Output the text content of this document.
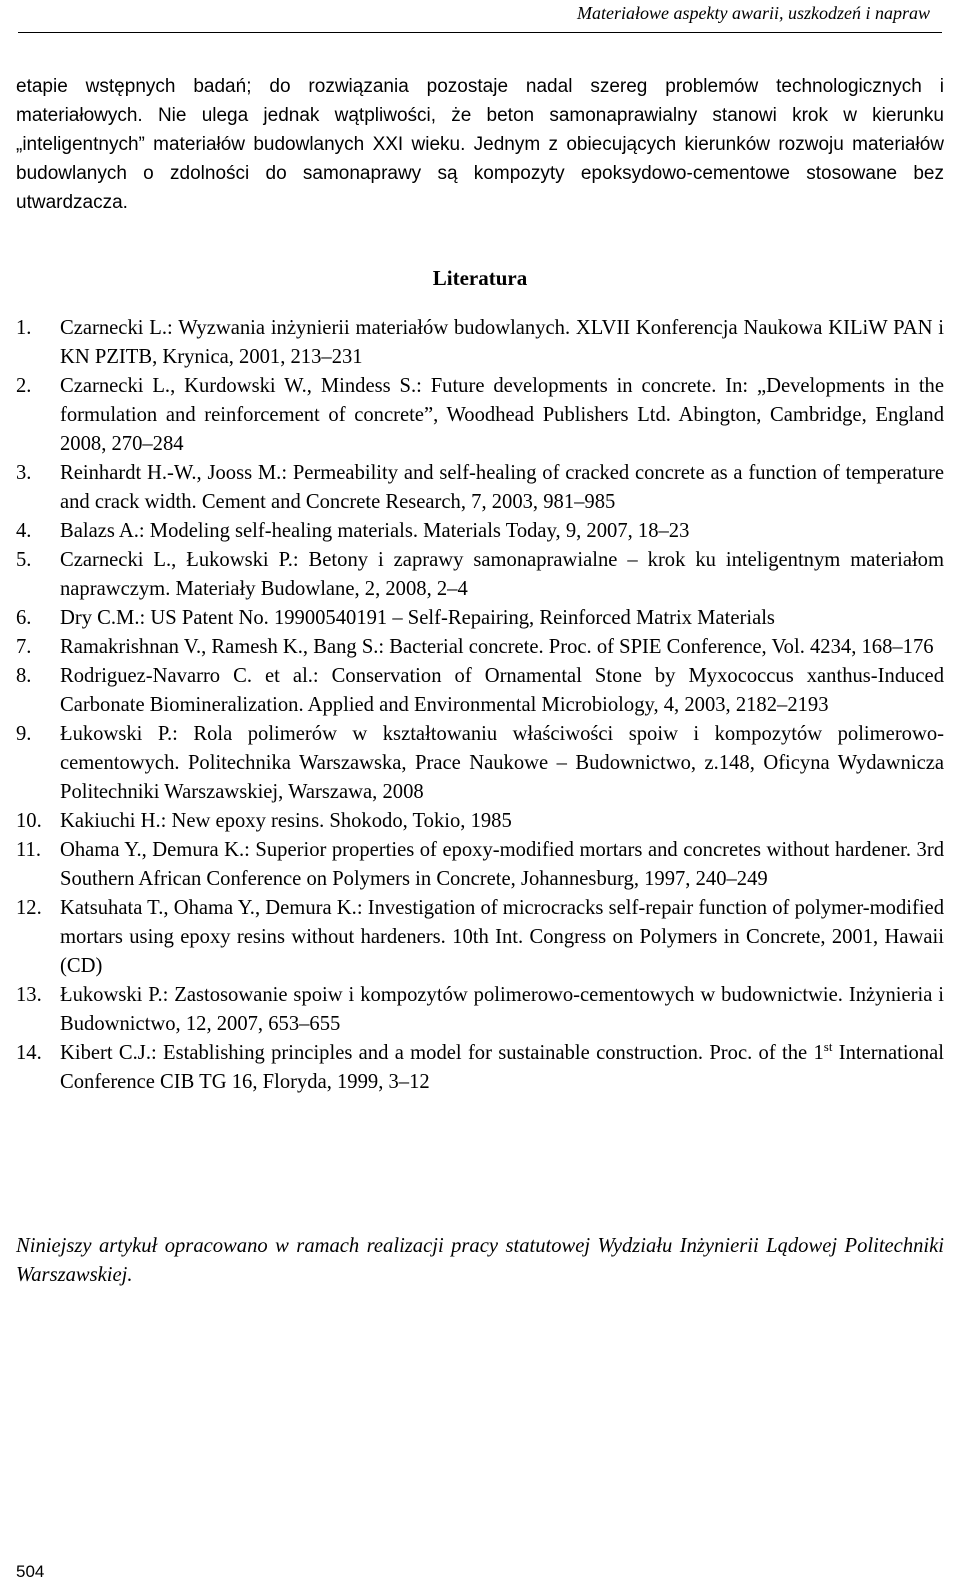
Materiałowe aspekty awarii, uszkodzeń i napraw

etapie wstępnych badań; do rozwiązania pozostaje nadal szereg problemów technologicznych i materiałowych. Nie ulega jednak wątpliwości, że beton samonaprawialny stanowi krok w kierunku „inteligentnych” materiałów budowlanych XXI wieku. Jednym z obiecujących kierunków rozwoju materiałów budowlanych o zdolności do samonaprawy są kompozyty epoksydowo-cementowe stosowane bez utwardzacza.

Literatura
1. Czarnecki L.: Wyzwania inżynierii materiałów budowlanych. XLVII Konferencja Naukowa KILiW PAN i KN PZITB, Krynica, 2001, 213–231
2. Czarnecki L., Kurdowski W., Mindess S.: Future developments in concrete. In: „Developments in the formulation and reinforcement of concrete”, Woodhead Publishers Ltd. Abington, Cambridge, England 2008, 270–284
3. Reinhardt H.-W., Jooss M.: Permeability and self-healing of cracked concrete as a function of temperature and crack width. Cement and Concrete Research, 7, 2003, 981–985
4. Balazs A.: Modeling self-healing materials. Materials Today, 9, 2007, 18–23
5. Czarnecki L., Łukowski P.: Betony i zaprawy samonaprawialne – krok ku inteligentnym materiałom naprawczym. Materiały Budowlane, 2, 2008, 2–4
6. Dry C.M.: US Patent No. 19900540191 – Self-Repairing, Reinforced Matrix Materials
7. Ramakrishnan V., Ramesh K., Bang S.: Bacterial concrete. Proc. of SPIE Conference, Vol. 4234, 168–176
8. Rodriguez-Navarro C. et al.: Conservation of Ornamental Stone by Myxococcus xanthus-Induced Carbonate Biomineralization. Applied and Environmental Microbiology, 4, 2003, 2182–2193
9. Łukowski P.: Rola polimerów w kształtowaniu właściwości spoiw i kompozytów polimerowo-cementowych. Politechnika Warszawska, Prace Naukowe – Budownictwo, z.148, Oficyna Wydawnicza Politechniki Warszawskiej, Warszawa, 2008
10. Kakiuchi H.: New epoxy resins. Shokodo, Tokio, 1985
11. Ohama Y., Demura K.: Superior properties of epoxy-modified mortars and concretes without hardener. 3rd Southern African Conference on Polymers in Concrete, Johannesburg, 1997, 240–249
12. Katsuhata T., Ohama Y., Demura K.: Investigation of microcracks self-repair function of polymer-modified mortars using epoxy resins without hardeners. 10th Int. Congress on Polymers in Concrete, 2001, Hawaii (CD)
13. Łukowski P.: Zastosowanie spoiw i kompozytów polimerowo-cementowych w budownictwie. Inżynieria i Budownictwo, 12, 2007, 653–655
14. Kibert C.J.: Establishing principles and a model for sustainable construction. Proc. of the 1st International Conference CIB TG 16, Floryda, 1999, 3–12

Niniejszy artykuł opracowano w ramach realizacji pracy statutowej Wydziału Inżynierii Lądowej Politechniki Warszawskiej.

504
